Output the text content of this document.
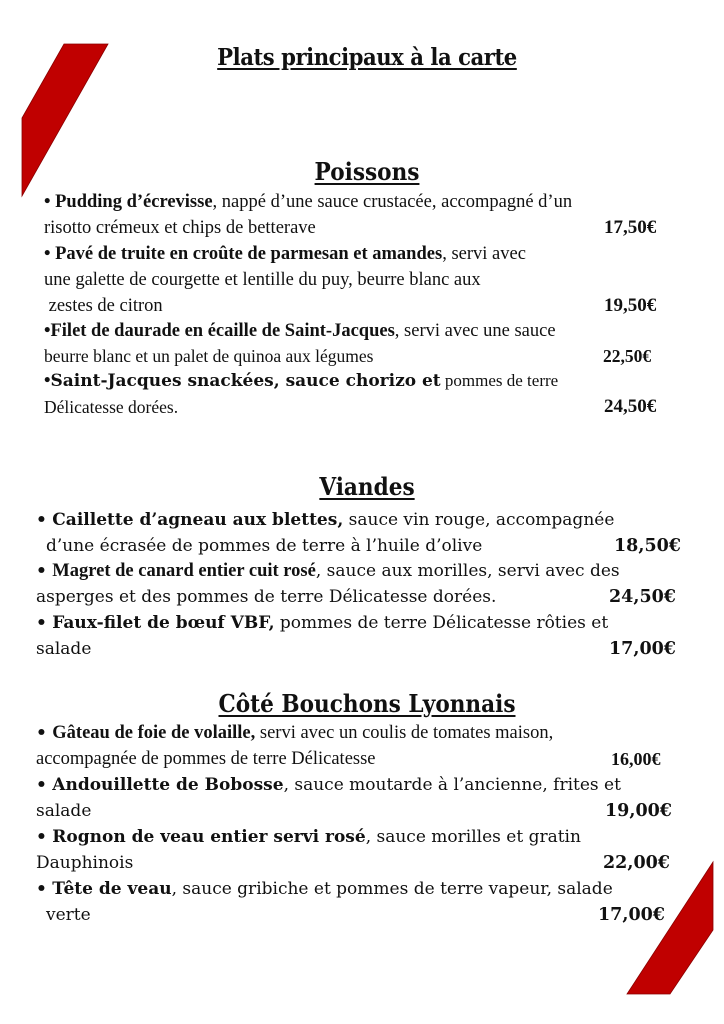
Plats principaux à la carte
Poissons
• Pudding d’écrevisse, nappé d’une sauce crustacée, accompagné d’un
risotto crémeux et chips de betterave	17,50€
• Pavé de truite en croûte de parmesan et amandes, servi avec
une galette de courgette et lentille du puy, beurre blanc aux
zestes de citron	19,50€
•Filet de daurade en écaille de Saint-Jacques, servi avec une sauce
beurre blanc et un palet de quinoa aux légumes	22,50€
•Saint-Jacques snackées, sauce chorizo et pommes de terre
Délicatesse dorées.	24,50€
Viandes
• Caillette d’agneau aux blettes, sauce vin rouge, accompagnée
d’une écrasée de pommes de terre à l’huile d’olive	18,50€
• Magret de canard entier cuit rosé, sauce aux morilles, servi avec des
asperges et des pommes de terre Délicatesse dorées.	24,50€
• Faux-filet de bœuf VBF, pommes de terre Délicatesse rôties et
salade	17,00€
Côté Bouchons Lyonnais
• Gâteau de foie de volaille, servi avec un coulis de tomates maison,
accompagnée de pommes de terre Délicatesse	16,00€
• Andouillette de Bobosse, sauce moutarde à l’ancienne, frites et
salade	19,00€
• Rognon de veau entier servi rosé, sauce morilles et gratin
Dauphinois	22,00€
• Tête de veau, sauce gribiche et pommes de terre vapeur, salade
verte	17,00€
